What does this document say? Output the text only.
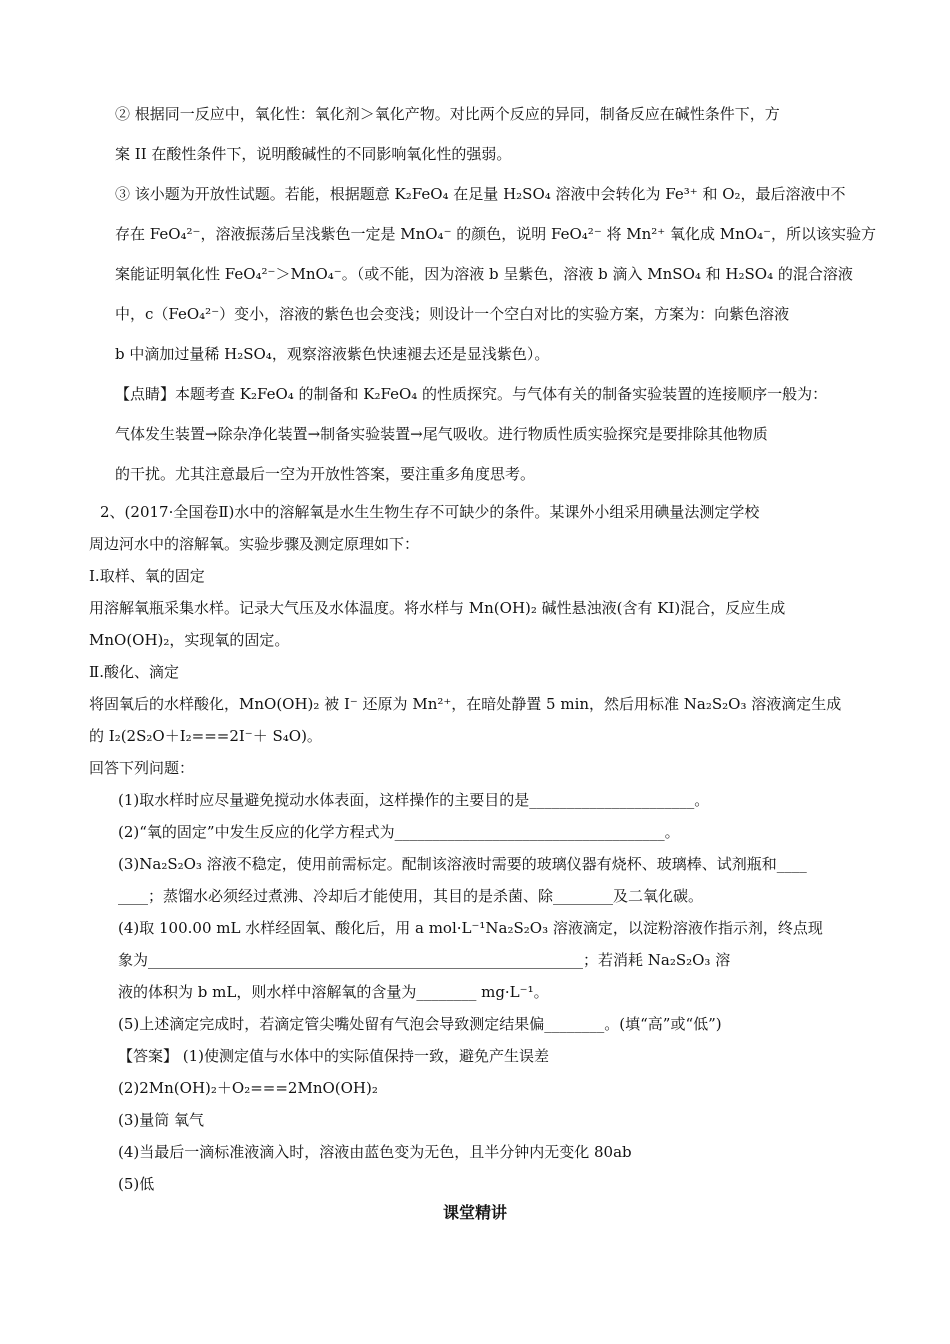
② 根据同一反应中，氧化性：氧化剂＞氧化产物。对比两个反应的异同，制备反应在碱性条件下，方
案 II 在酸性条件下，说明酸碱性的不同影响氧化性的强弱。
③ 该小题为开放性试题。若能，根据题意 K₂FeO₄ 在足量 H₂SO₄ 溶液中会转化为 Fe³⁺ 和 O₂，最后溶液中不
存在 FeO₄²⁻，溶液振荡后呈浅紫色一定是 MnO₄⁻ 的颜色，说明 FeO₄²⁻ 将 Mn²⁺ 氧化成 MnO₄⁻，所以该实验方
案能证明氧化性 FeO₄²⁻＞MnO₄⁻。（或不能，因为溶液 b 呈紫色，溶液 b 滴入 MnSO₄ 和 H₂SO₄ 的混合溶液
中，c（FeO₄²⁻）变小，溶液的紫色也会变浅；则设计一个空白对比的实验方案，方案为：向紫色溶液
b 中滴加过量稀 H₂SO₄，观察溶液紫色快速褪去还是显浅紫色）。
【点睛】本题考查 K₂FeO₄ 的制备和 K₂FeO₄ 的性质探究。与气体有关的制备实验装置的连接顺序一般为：
气体发生装置→除杂净化装置→制备实验装置→尾气吸收。进行物质性质实验探究是要排除其他物质
的干扰。尤其注意最后一空为开放性答案，要注重多角度思考。
2、(2017·全国卷Ⅱ)水中的溶解氧是水生生物生存不可缺少的条件。某课外小组采用碘量法测定学校
周边河水中的溶解氧。实验步骤及测定原理如下：
Ⅰ.取样、氧的固定
用溶解氧瓶采集水样。记录大气压及水体温度。将水样与 Mn(OH)₂ 碱性悬浊液(含有 KI)混合，反应生成
MnO(OH)₂，实现氧的固定。
Ⅱ.酸化、滴定
将固氧后的水样酸化，MnO(OH)₂ 被 I⁻ 还原为 Mn²⁺，在暗处静置 5 min，然后用标准 Na₂S₂O₃ 溶液滴定生成
的 I₂(2S₂O＋I₂===2I⁻＋ S₄O)。
回答下列问题：
(1)取水样时应尽量避免搅动水体表面，这样操作的主要目的是______________________。
(2)“氧的固定”中发生反应的化学方程式为____________________________________。
(3)Na₂S₂O₃ 溶液不稳定，使用前需标定。配制该溶液时需要的玻璃仪器有烧杯、玻璃棒、试剂瓶和____
____；蒸馏水必须经过煮沸、冷却后才能使用，其目的是杀菌、除________及二氧化碳。
(4)取 100.00 mL 水样经固氧、酸化后，用 a mol·L⁻¹Na₂S₂O₃ 溶液滴定，以淀粉溶液作指示剂，终点现
象为__________________________________________________________；若消耗 Na₂S₂O₃ 溶
液的体积为 b mL，则水样中溶解氧的含量为________ mg·L⁻¹。
(5)上述滴定完成时，若滴定管尖嘴处留有气泡会导致测定结果偏________。(填“高”或“低”)
【答案】 (1)使测定值与水体中的实际值保持一致，避免产生误差
(2)2Mn(OH)₂＋O₂===2MnO(OH)₂
(3)量筒 氧气
(4)当最后一滴标准液滴入时，溶液由蓝色变为无色，且半分钟内无变化 80ab
(5)低
课堂精讲
